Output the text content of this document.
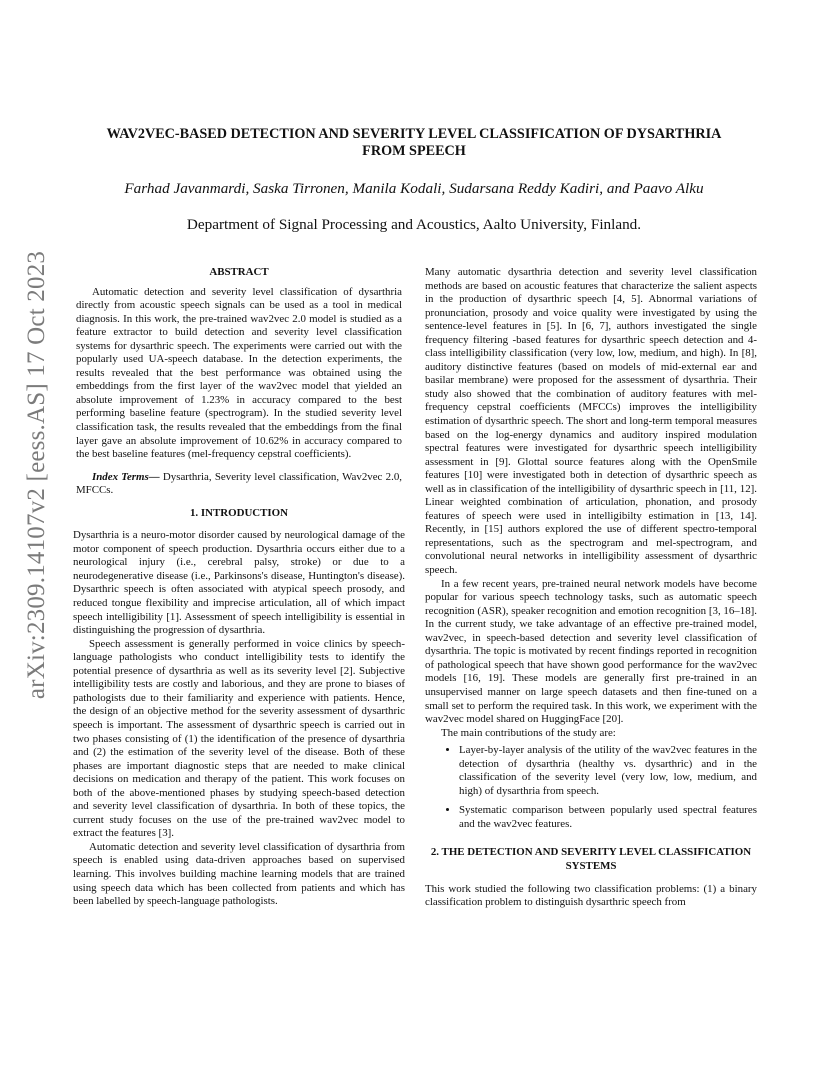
arXiv:2309.14107v2 [eess.AS] 17 Oct 2023
WAV2VEC-BASED DETECTION AND SEVERITY LEVEL CLASSIFICATION OF DYSARTHRIA FROM SPEECH

Farhad Javanmardi, Saska Tirronen, Manila Kodali, Sudarsana Reddy Kadiri, and Paavo Alku

Department of Signal Processing and Acoustics, Aalto University, Finland.

ABSTRACT

Automatic detection and severity level classification of dysarthria directly from acoustic speech signals can be used as a tool in medical diagnosis. In this work, the pre-trained wav2vec 2.0 model is studied as a feature extractor to build detection and severity level classification systems for dysarthric speech. The experiments were carried out with the popularly used UA-speech database. In the detection experiments, the results revealed that the best performance was obtained using the embeddings from the first layer of the wav2vec model that yielded an absolute improvement of 1.23% in accuracy compared to the best performing baseline feature (spectrogram). In the studied severity level classification task, the results revealed that the embeddings from the final layer gave an absolute improvement of 10.62% in accuracy compared to the best baseline features (mel-frequency cepstral coefficients).

Index Terms— Dysarthria, Severity level classification, Wav2vec 2.0, MFCCs.

1. INTRODUCTION

Dysarthria is a neuro-motor disorder caused by neurological damage of the motor component of speech production. Dysarthria occurs either due to a neurological injury (i.e., cerebral palsy, stroke) or due to a neurodegenerative disease (i.e., Parkinsons's disease, Huntington's disease). Dysarthric speech is often associated with atypical speech prosody, and reduced tongue flexibility and imprecise articulation, all of which impact speech intelligibility [1]. Assessment of speech intelligibility is essential in distinguishing the progression of dysarthria.

Speech assessment is generally performed in voice clinics by speech-language pathologists who conduct intelligibility tests to identify the potential presence of dysarthria as well as its severity level [2]. Subjective intelligibility tests are costly and laborious, and they are prone to biases of pathologists due to their familiarity and experience with patients. Hence, the design of an objective method for the severity assessment of dysarthric speech is important. The assessment of dysarthric speech is carried out in two phases consisting of (1) the identification of the presence of dysarthria and (2) the estimation of the severity level of the disease. Both of these phases are important diagnostic steps that are needed to make clinical decisions on medication and therapy of the patient. This work focuses on both of the above-mentioned phases by studying speech-based detection and severity level classification of dysarthria. In both of these topics, the current study focuses on the use of the pre-trained wav2vec model to extract the features [3].

Automatic detection and severity level classification of dysarthria from speech is enabled using data-driven approaches based on supervised learning. This involves building machine learning models that are trained using speech data which has been collected from patients and which has been labelled by speech-language pathologists.

Many automatic dysarthria detection and severity level classification methods are based on acoustic features that characterize the salient aspects in the production of dysarthric speech [4, 5]. Abnormal variations of pronunciation, prosody and voice quality were investigated by using the sentence-level features in [5]. In [6, 7], authors investigated the single frequency filtering -based features for dysarthric speech detection and 4-class intelligibility classification (very low, low, medium, and high). In [8], auditory distinctive features (based on models of mid-external ear and basilar membrane) were proposed for the assessment of dysarthria. Their study also showed that the combination of auditory features with mel-frequency cepstral coefficients (MFCCs) improves the intelligibility estimation of dysarthric speech. The short and long-term temporal measures based on the log-energy dynamics and auditory inspired modulation spectral features were investigated for dysarthric speech intelligibility assessment in [9]. Glottal source features along with the OpenSmile features [10] were investigated both in detection of dysarthric speech as well as in classification of the intelligibility of dysarthric speech in [11, 12]. Linear weighted combination of articulation, phonation, and prosody features of speech were used in intelligibilty estimation in [13, 14]. Recently, in [15] authors explored the use of different spectro-temporal representations, such as the spectrogram and mel-spectrogram, and convolutional neural networks in intelligibility assessment of dysarthric speech.

In a few recent years, pre-trained neural network models have become popular for various speech technology tasks, such as automatic speech recognition (ASR), speaker recognition and emotion recognition [3, 16–18]. In the current study, we take advantage of an effective pre-trained model, wav2vec, in speech-based detection and severity level classification of dysarthria. The topic is motivated by recent findings reported in recognition of pathological speech that have shown good performance for the wav2vec models [16, 19]. These models are generally first pre-trained in an unsupervised manner on large speech datasets and then fine-tuned on a small set to perform the required task. In this work, we experiment with the wav2vec model shared on HuggingFace [20].

The main contributions of the study are:

• Layer-by-layer analysis of the utility of the wav2vec features in the detection of dysarthria (healthy vs. dysarthric) and in the classification of the severity level (very low, low, medium, and high) of dysarthria from speech.
• Systematic comparison between popularly used spectral features and the wav2vec features.
2. THE DETECTION AND SEVERITY LEVEL CLASSIFICATION SYSTEMS

This work studied the following two classification problems: (1) a binary classification problem to distinguish dysarthric speech from
